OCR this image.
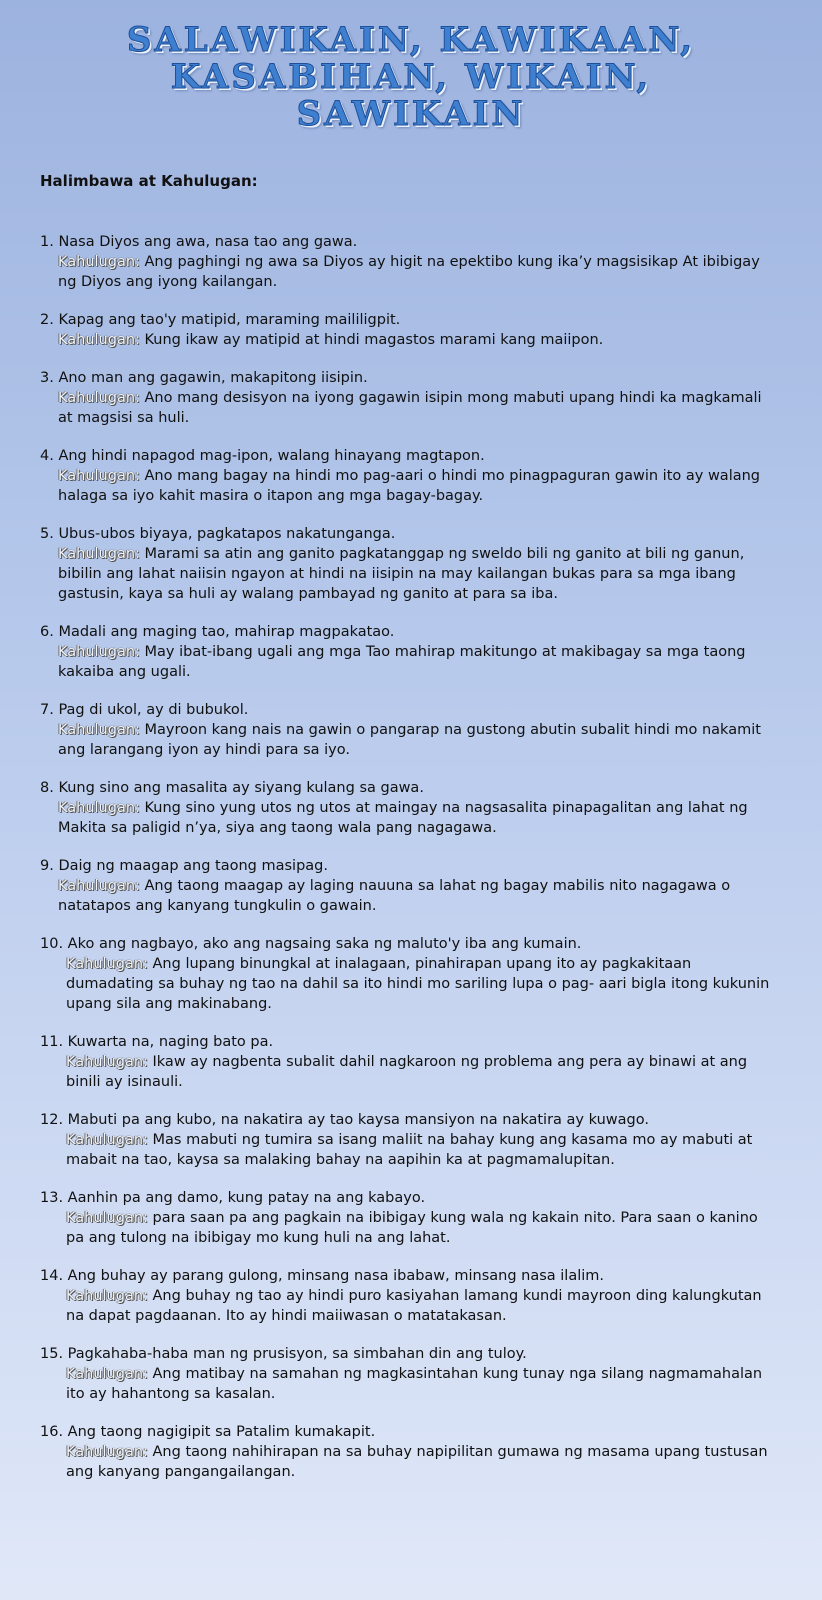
SALAWIKAIN, KAWIKAAN,
KASABIHAN, WIKAIN,
SAWIKAIN
Halimbawa at Kahulugan:
1. Nasa Diyos ang awa, nasa tao ang gawa.
Kahulugan: Ang paghingi ng awa sa Diyos ay higit na epektibo kung ika’y magsisikap At ibibigay ng Diyos ang iyong kailangan.
2. Kapag ang tao'y matipid, maraming maililigpit.
Kahulugan: Kung ikaw ay matipid at hindi magastos marami kang maiipon.
3. Ano man ang gagawin, makapitong iisipin.
Kahulugan: Ano mang desisyon na iyong gagawin isipin mong mabuti upang hindi ka magkamali at magsisi sa huli.
4. Ang hindi napagod mag-ipon, walang hinayang magtapon.
Kahulugan: Ano mang bagay na hindi mo pag-aari o hindi mo pinagpaguran gawin ito ay walang halaga sa iyo kahit masira o itapon ang mga bagay-bagay.
5. Ubus-ubos biyaya, pagkatapos nakatunganga.
Kahulugan: Marami sa atin ang ganito pagkatanggap ng sweldo bili ng ganito at bili ng ganun, bibilin ang lahat naiisin ngayon at hindi na iisipin na may kailangan bukas para sa mga ibang gastusin, kaya sa huli ay walang pambayad ng ganito at para sa iba.
6. Madali ang maging tao, mahirap magpakatao.
Kahulugan: May ibat-ibang ugali ang mga Tao mahirap makitungo at makibagay sa mga taong kakaiba ang ugali.
7. Pag di ukol, ay di bubukol.
Kahulugan: Mayroon kang nais na gawin o pangarap na gustong abutin subalit hindi mo nakamit ang larangang iyon ay hindi para sa iyo.
8. Kung sino ang masalita ay siyang kulang sa gawa.
Kahulugan: Kung sino yung utos ng utos at maingay na nagsasalita pinapagalitan ang lahat ng Makita sa paligid n’ya, siya ang taong wala pang nagagawa.
9. Daig ng maagap ang taong masipag.
Kahulugan: Ang taong maagap ay laging nauuna sa lahat ng bagay mabilis nito nagagawa o natatapos ang kanyang tungkulin o gawain.
10. Ako ang nagbayo, ako ang nagsaing saka ng maluto'y iba ang kumain.
Kahulugan: Ang lupang binungkal at inalagaan, pinahirapan upang ito ay pagkakitaan dumadating sa buhay ng tao na dahil sa ito hindi mo sariling lupa o pag- aari bigla itong kukunin upang sila ang makinabang.
11. Kuwarta na, naging bato pa.
Kahulugan: Ikaw ay nagbenta subalit dahil nagkaroon ng problema ang pera ay binawi at ang binili ay isinauli.
12. Mabuti pa ang kubo, na nakatira ay tao kaysa mansiyon na nakatira ay kuwago.
Kahulugan: Mas mabuti ng tumira sa isang maliit na bahay kung ang kasama mo ay mabuti at mabait na tao, kaysa sa malaking bahay na aapihin ka at pagmamalupitan.
13. Aanhin pa ang damo, kung patay na ang kabayo.
Kahulugan: para saan pa ang pagkain na ibibigay kung wala ng kakain nito. Para saan o kanino pa ang tulong na ibibigay mo kung huli na ang lahat.
14. Ang buhay ay parang gulong, minsang nasa ibabaw, minsang nasa ilalim.
Kahulugan: Ang buhay ng tao ay hindi puro kasiyahan lamang kundi mayroon ding kalungkutan na dapat pagdaanan. Ito ay hindi maiiwasan o matatakasan.
15. Pagkahaba-haba man ng prusisyon, sa simbahan din ang tuloy.
Kahulugan: Ang matibay na samahan ng magkasintahan kung tunay nga silang nagmamahalan ito ay hahantong sa kasalan.
16. Ang taong nagigipit sa Patalim kumakapit.
Kahulugan: Ang taong nahihirapan na sa buhay napipilitan gumawa ng masama upang tustusan ang kanyang pangangailangan.
